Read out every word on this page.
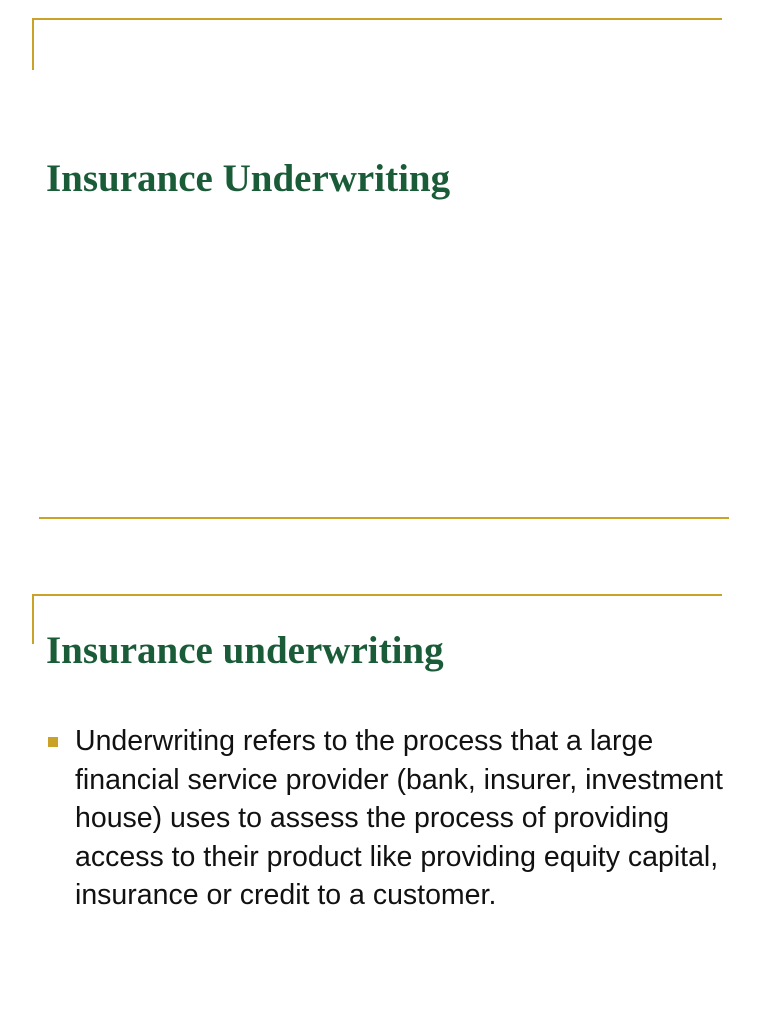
Insurance Underwriting
Insurance underwriting

Underwriting refers to the process that a large financial service provider (bank, insurer, investment house) uses to assess the process of providing access to their product like providing equity capital, insurance or credit to a customer.
